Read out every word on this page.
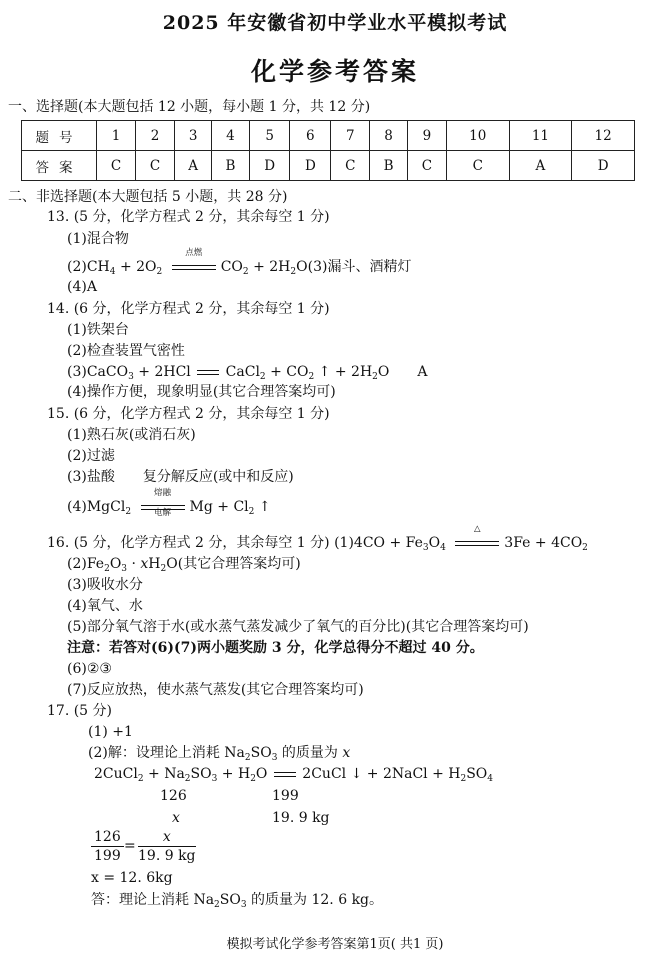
2025 年安徽省初中学业水平模拟考试
化学参考答案
一、选择题(本大题包括 12 小题，每小题 1 分，共 12 分)
题号	1	2	3	4	5	6	7	8	9	10	11	12
答案	C	C	A	B	D	D	C	B	C	C	A	D
二、非选择题(本大题包括 5 小题，共 28 分)
13. (5 分，化学方程式 2 分，其余每空 1 分)
(1)混合物
$(2)CH_4 + 2O_2$
点燃
$CO_2 + 2H_2O(3)$漏斗、酒精灯
(4)A
14. (6 分，化学方程式 2 分，其余每空 1 分)
(1)铁架台
(2)检查装置气密性
(3)CaCO$_3$ + 2HCl  CaCl$_2$ + $CO_2$ ↑ + $2H_2O$ A
(4)操作方便，现象明显(其它合理答案均可)
15. (6 分，化学方程式 2 分，其余每空 1 分)
(1)熟石灰(或消石灰)
(2)过滤
(3)盐酸　　复分解反应(或中和反应)
(4)MgCl$_2$
熔融
电解	$Mg + Cl_2$ ↑
16. (5 分，化学方程式 2 分，其余每空 1 分) $(1)4CO + Fe_3O_4$
△
$3Fe + 4CO_2$
$(2)Fe_2O_3 \cdot xH_2O$(其它合理答案均可)
(3)吸收水分
(4)氧气、水
(5)部分氧气溶于水(或水蒸气蒸发减少了氧气的百分比)(其它合理答案均可)
注意：若答对(6)(7)两小题奖励 3 分，化学总得分不超过 40 分。
(6)②③
(7)反应放热，使水蒸气蒸发(其它合理答案均可)
17. (5 分)
(1) +1
(2)解：设理论上消耗 $Na_2SO_3$ 的质量为 x
2CuCl$_2$ + $Na_2SO_3 + H_2O$  2CuCl ↓ + 2NaCl + $H_2SO_4$
126	199
x	19. 9 kg
$\frac{126}{199} = \frac{x}{19. 9 kg}$
x = 12. 6kg
答：理论上消耗 $Na_2SO_3$ 的质量为 12. 6 kg。
模拟考试化学参考答案第1页( 共1 页)
